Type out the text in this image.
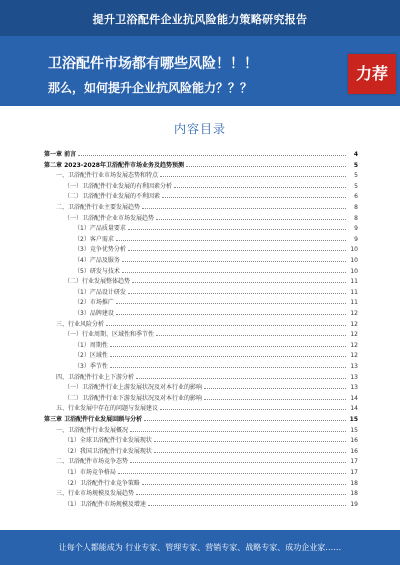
提升卫浴配件企业抗风险能力策略研究报告
卫浴配件市场都有哪些风险！！！
那么，如何提升企业抗风险能力？？？
力荐
内容目录
第一章 前言	4
第二章 2023-2028年卫浴配件市场业务及趋势预测	5
一、卫浴配件行业市场发展态势和特点	5
（一）卫浴配件行业发展的有利因素分析	5
（二）卫浴配件行业发展的不利因素	6
二、卫浴配件行业主要发展趋势	8
（一）卫浴配件企业市场发展趋势	8
（1）产品质量要求	9
（2）客户需求	9
（3）竞争优势分析	10
（4）产品及服务	10
（5）研发与技术	10
（二）行业发展整体趋势	11
（1）产品设计研发	11
（2）市场推广	11
（3）品牌建设	12
三、行业风险分析	12
（一）行业周期、区域性和季节性	12
（1）周期性	12
（2）区域性	12
（3）季节性	13
四、卫浴配件行业上下游分析	13
（一）卫浴配件行业上游发展状况及对本行业的影响	13
（二）卫浴配件行业下游发展状况及对本行业的影响	14
五、行业发展中存在的问题与发展建议	14
第三章 卫浴配件行业发展回顾与分析	15
一、卫浴配件行业发展概况	15
（1）全球卫浴配件行业发展现状	16
（2）我国卫浴配件行业发展现状	16
二、卫浴配件市场竞争态势	17
（1）市场竞争格局	17
（2）卫浴配件行业竞争策略	18
三、行业市场规模及发展趋势	18
（1）卫浴配件市场规模及增速	19
让每个人都能成为 行业专家、管理专家、营销专家、战略专家、成功企业家……
